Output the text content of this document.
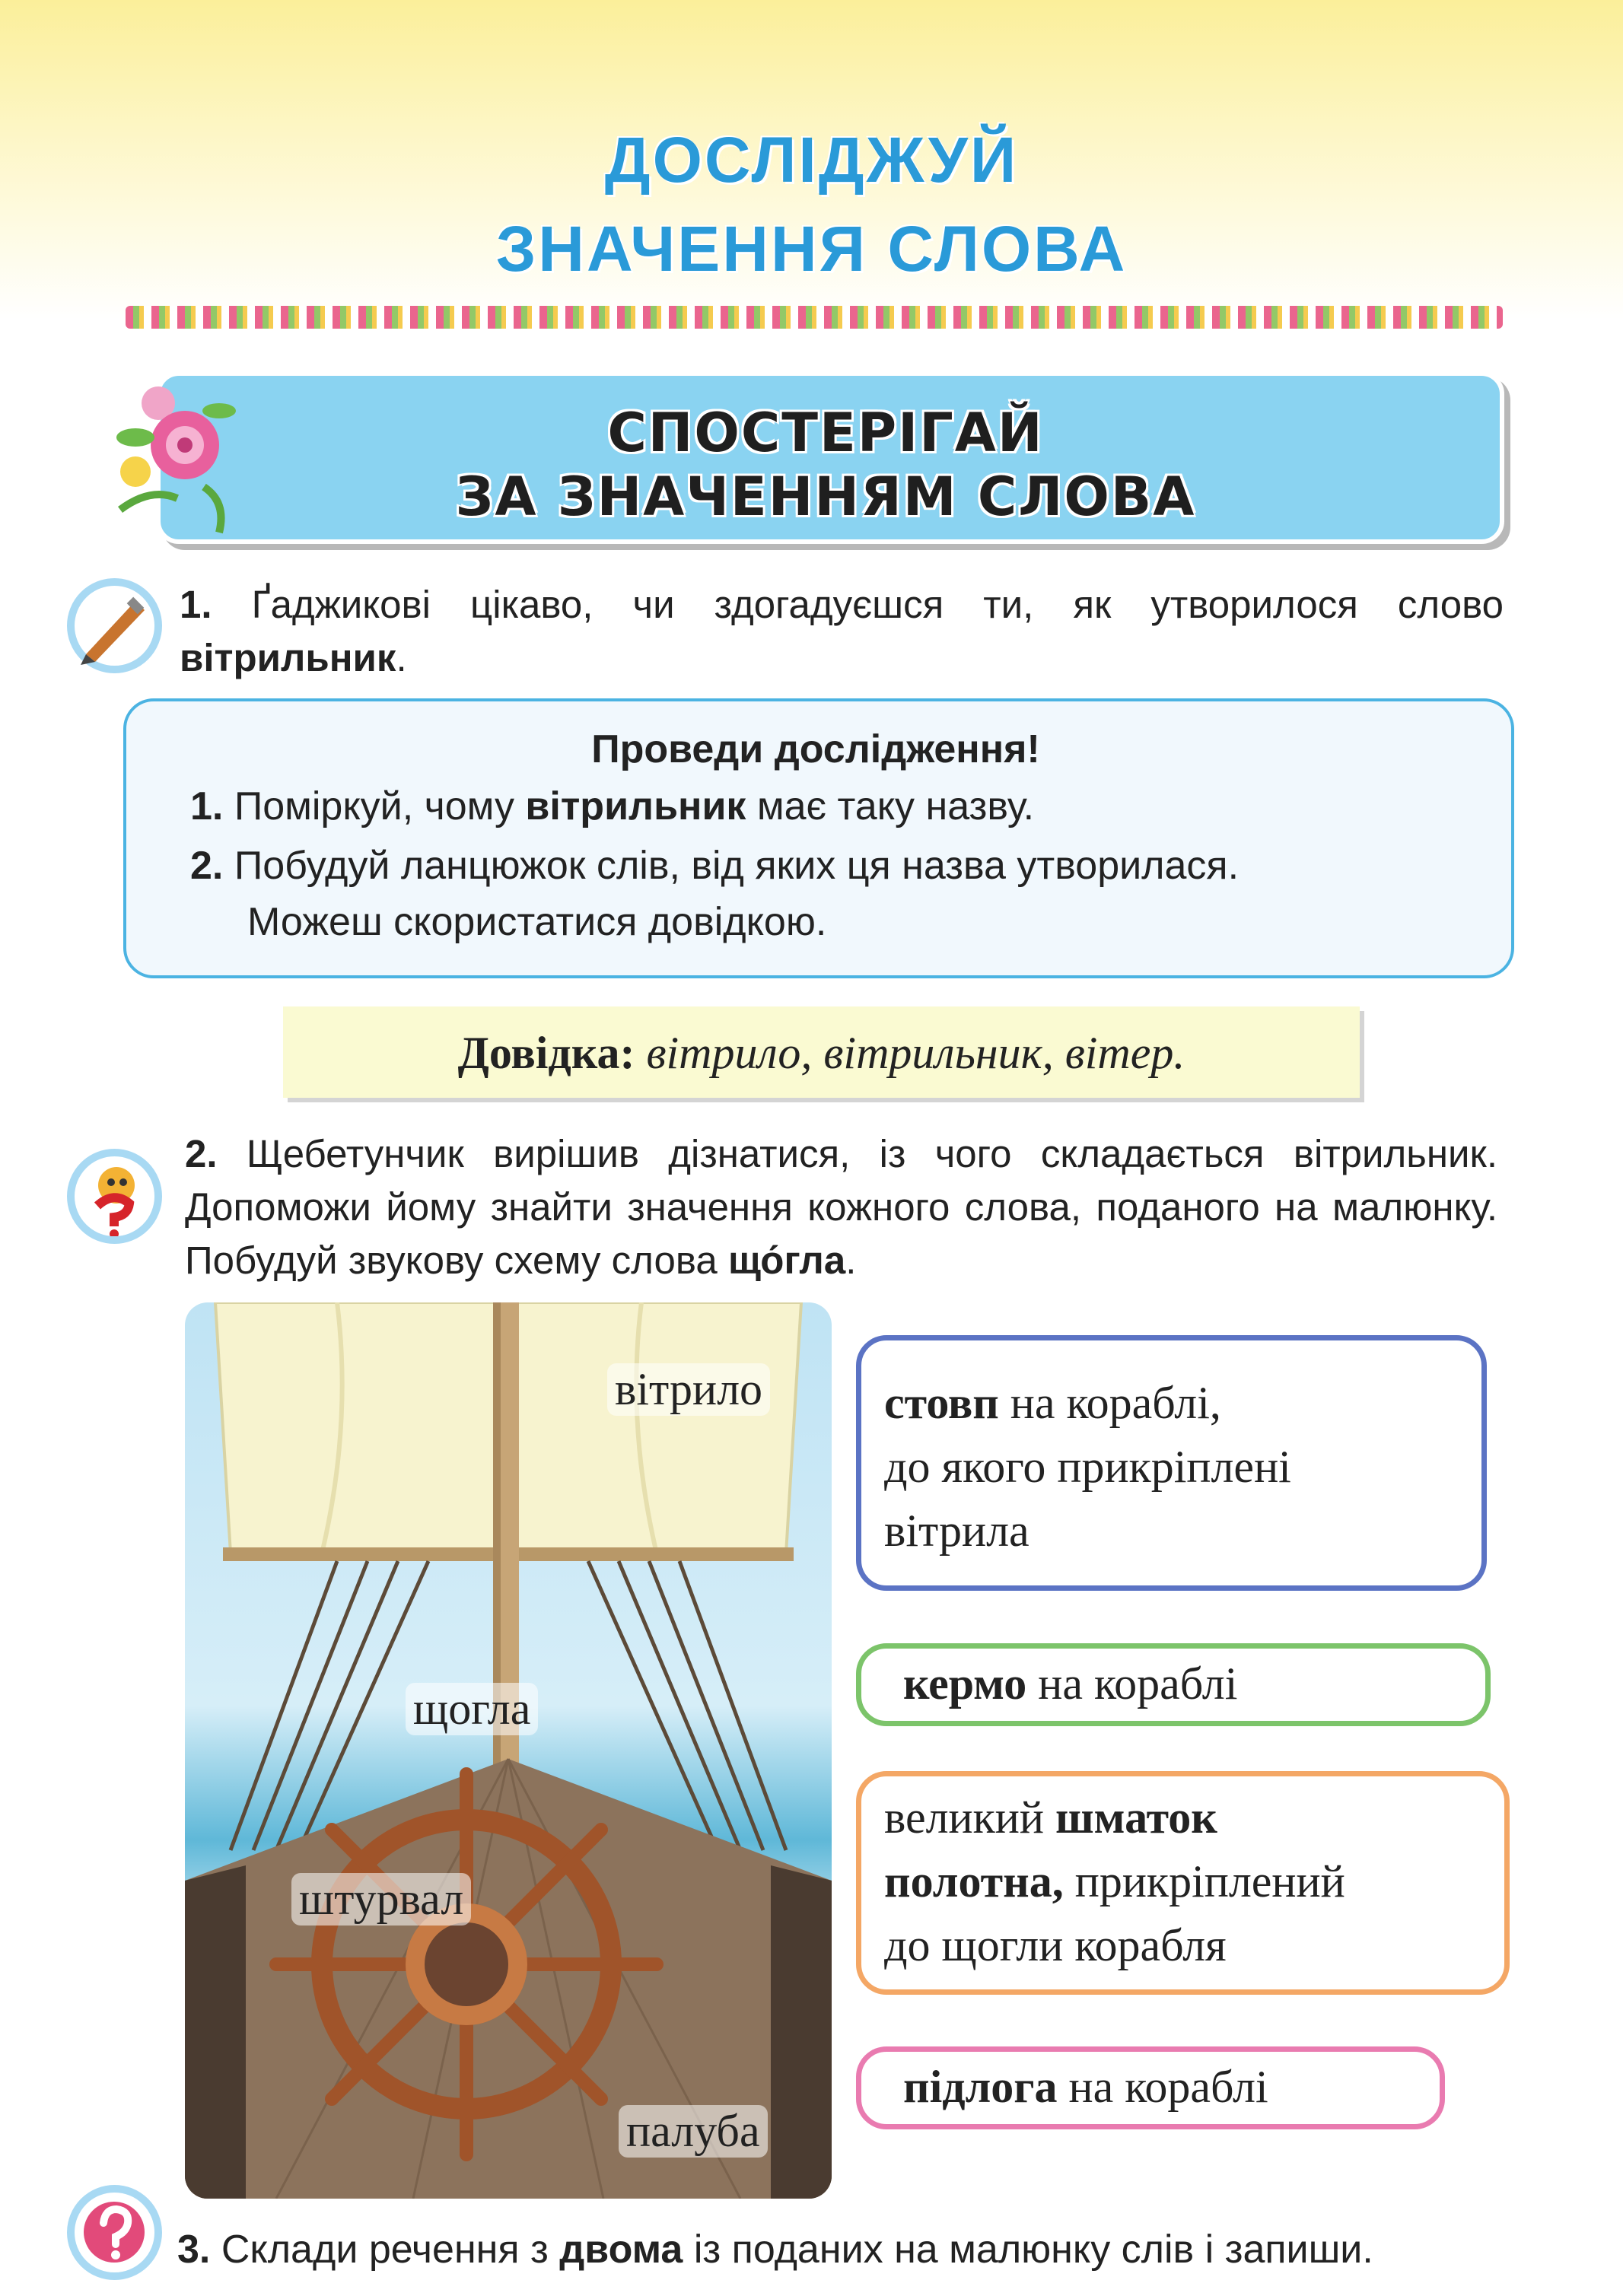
ДОСЛІДЖУЙ
ЗНАЧЕННЯ СЛОВА
СПОСТЕРІГАЙ
ЗА ЗНАЧЕННЯМ СЛОВА
1. Ґаджикові цікаво, чи здогадуєшся ти, як утворилося слово вітрильник.
Проведи дослідження!
1. Поміркуй, чому вітрильник має таку назву.
2. Побудуй ланцюжок слів, від яких ця назва утворилася.
Можеш скористатися довідкою.
Довідка: вітрило, вітрильник, вітер.
2. Щебетунчик вирішив дізнатися, із чого складається вітрильник. Допоможи йому знайти значення кожного слова, поданого на малюнку. Побудуй звукову схему слова що́гла.
вітрило
щогла
штурвал
палуба
стовп на кораблі,
до якого прикріплені
вітрила
кермо на кораблі
великий шматок
полотна, прикріплений
до щогли корабля
підлога на кораблі
3. Склади речення з двома із поданих на малюнку слів і запиши.
